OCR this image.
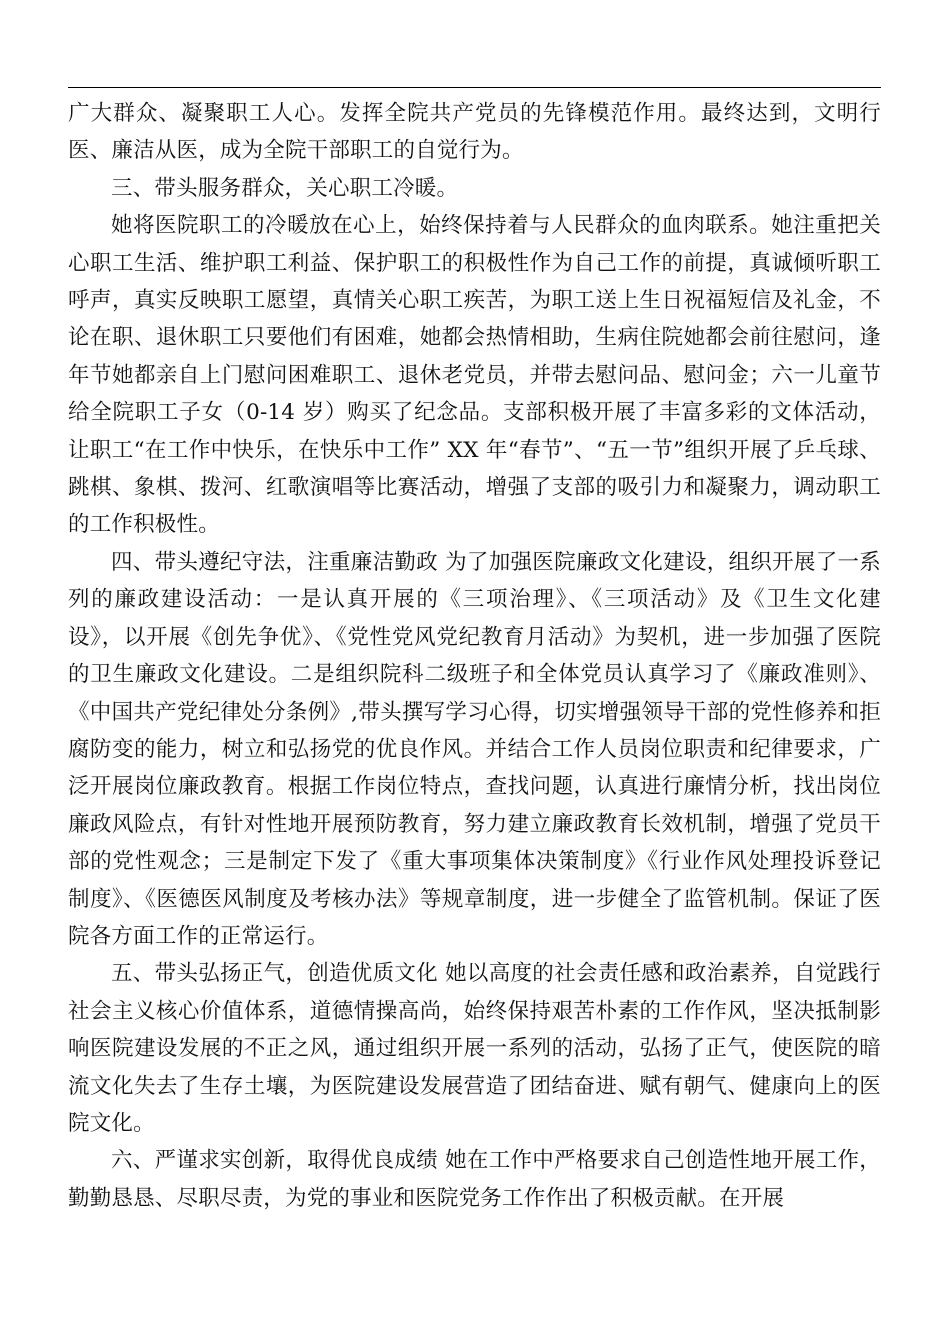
广大群众、凝聚职工人心。发挥全院共产党员的先锋模范作用。最终达到，文明行医、廉洁从医，成为全院干部职工的自觉行为。

三、带头服务群众，关心职工冷暖。

她将医院职工的冷暖放在心上，始终保持着与人民群众的血肉联系。她注重把关心职工生活、维护职工利益、保护职工的积极性作为自己工作的前提，真诚倾听职工呼声，真实反映职工愿望，真情关心职工疾苦，为职工送上生日祝福短信及礼金，不论在职、退休职工只要他们有困难，她都会热情相助，生病住院她都会前往慰问，逢年节她都亲自上门慰问困难职工、退休老党员，并带去慰问品、慰问金；六一儿童节给全院职工子女（0-14 岁）购买了纪念品。支部积极开展了丰富多彩的文体活动，让职工“在工作中快乐，在快乐中工作” XX 年“春节”、“五一节”组织开展了乒乓球、跳棋、象棋、拨河、红歌演唱等比赛活动，增强了支部的吸引力和凝聚力，调动职工的工作积极性。

四、带头遵纪守法，注重廉洁勤政 为了加强医院廉政文化建设，组织开展了一系列的廉政建设活动：一是认真开展的《三项治理》、《三项活动》及《卫生文化建设》，以开展《创先争优》、《党性党风党纪教育月活动》为契机，进一步加强了医院的卫生廉政文化建设。二是组织院科二级班子和全体党员认真学习了《廉政准则》、《中国共产党纪律处分条例》,带头撰写学习心得，切实增强领导干部的党性修养和拒腐防变的能力，树立和弘扬党的优良作风。并结合工作人员岗位职责和纪律要求，广泛开展岗位廉政教育。根据工作岗位特点，查找问题，认真进行廉情分析，找出岗位廉政风险点，有针对性地开展预防教育，努力建立廉政教育长效机制，增强了党员干部的党性观念；三是制定下发了《重大事项集体决策制度》《行业作风处理投诉登记制度》、《医德医风制度及考核办法》等规章制度，进一步健全了监管机制。保证了医院各方面工作的正常运行。

五、带头弘扬正气，创造优质文化 她以高度的社会责任感和政治素养，自觉践行社会主义核心价值体系，道德情操高尚，始终保持艰苦朴素的工作作风，坚决抵制影响医院建设发展的不正之风，通过组织开展一系列的活动，弘扬了正气，使医院的暗流文化失去了生存土壤，为医院建设发展营造了团结奋进、赋有朝气、健康向上的医院文化。

六、严谨求实创新，取得优良成绩 她在工作中严格要求自己创造性地开展工作，勤勤恳恳、尽职尽责，为党的事业和医院党务工作作出了积极贡献。在开展
